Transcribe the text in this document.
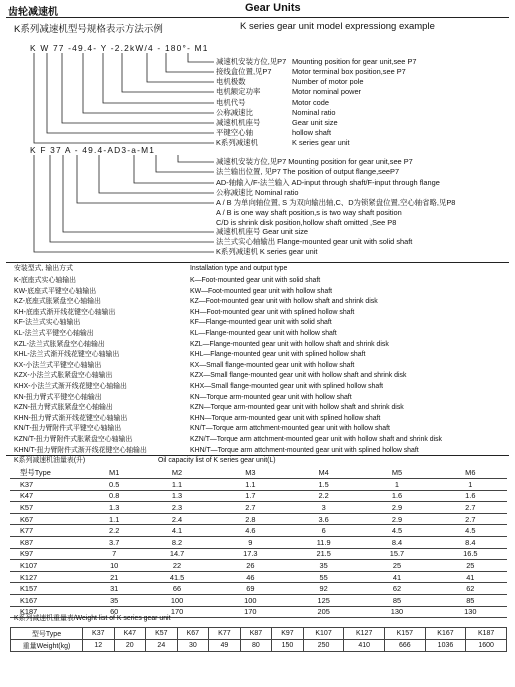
齿轮减速机	Gear Units
K系列减速机型号规格表示方法示例	K series gear unit model expressiong example
K W 77 -49.4- Y -2.2kW/4 - 180°- M1
减速机安装方位,见P7
接线盒位置,见P7
电机极数
电机额定功率
电机代号
公称减速比
减速机机座号
平键空心轴
K系列减速机
Mounting position for gear unit,see P7
Motor terminal box position,see P7
Number of motor pole
Motor nominal power
Motor code
Nominal ratio
Gear unit size
hollow shaft
K series gear unit
K F 37 A - 49.4-AD3-a-M1
减速机安装方位,见P7 Mounting position for gear unit,see P7
法兰输出位置, 见P7 The position of output flange,seeP7
AD-轴输入/F-法兰输入 AD-input through shaft/F-input through flange
公称减速比 Nominal ratio
A / B 为单向轴位置, S 为双向输出轴,C、D为锁紧盘位置,空心轴省略,见P8
A / B is one way shaft position,s is two way shaft position
C/D is shrink disk position,hollow shaft omitted ,See P8
减速机机座号 Gear unit size
法兰式实心轴输出 Flange-mounted gear unit with solid shaft
K系列减速机 K series gear unit
安装型式, 输出方式	Installation type and output type
K-底座式实心轴输出	K—Foot-mounted gear unit with solid shaft
KW-底座式平键空心轴输出	KW—Foot-mounted gear unit with hollow shaft
KZ-底座式胀紧盘空心轴输出	KZ—Foot-mounted gear unit with hollow shaft and shrink disk
KH-底座式渐开线花键空心轴输出	KH—Foot-mounted gear unit with splined hollow shaft
KF-法兰式实心轴输出	KF—Flange-mounted gear unit with solid shaft
KL-法兰式平键空心轴输出	KL—Flange-mounted gear unit with hollow shaft
KZL-法兰式胀紧盘空心轴输出	KZL—Flange-mounted gear unit with hollow shaft and shrink disk
KHL-法兰式渐开线花键空心轴输出	KHL—Flange-mounted gear unit with splined hollow shaft
KX-小法兰式平键空心轴输出	KX—Small flange-mounted gear unit with hollow shaft
KZX-小法兰式胀紧盘空心轴输出	KZX—Small flange-mounted gear unit with hollow shaft and shrink disk
KHX-小法兰式渐开线花键空心轴输出	KHX—Small flange-mounted gear unit with splined hollow shaft
KN-扭力臂式平键空心轴输出	KN—Torque arm-mounted gear unit with hollow shaft
KZN-扭力臂式胀紧盘空心轴输出	KZN—Torque arm-mounted gear unit with hollow shaft and shrink disk
KHN-扭力臂式渐开线花键空心轴输出	KHN—Torque arm-mounted gear unit with splined hollow shaft
KN/T-扭力臂附件式平键空心轴输出	KN/T—Torque arm attchment-mounted gear unit with hollow shaft
KZN/T-扭力臂附件式胀紧盘空心轴输出	KZN/T—Torque arm attchment-mounted gear unit with hollow shaft and shrink disk
KHN/T-扭力臂附件式渐开线花键空心轴输出	KHN/T—Torque arm attchment-mounted gear unit with splined hollow shaft
K系列减速机油量表(升)	Oil capacity list of K series gear unit(L)
型号Type	M1	M2	M3	M4	M5	M6
K37	0.5	1.1	1.1	1.5	1	1
K47	0.8	1.3	1.7	2.2	1.6	1.6
K57	1.3	2.3	2.7	3	2.9	2.7
K67	1.1	2.4	2.8	3.6	2.9	2.7
K77	2.2	4.1	4.6	6	4.5	4.5
K87	3.7	8.2	9	11.9	8.4	8.4
K97	7	14.7	17.3	21.5	15.7	16.5
K107	10	22	26	35	25	25
K127	21	41.5	46	55	41	41
K157	31	66	69	92	62	62
K167	35	100	100	125	85	85
K187	60	170	170	205	130	130
K系列减速机重量表/Weight list of K series gear unit
型号Type	K37	K47	K57	K67	K77	K87	K97	K107	K127	K157	K167	K187
重量Weight(kg)	12	20	24	30	49	80	150	250	410	666	1036	1600
